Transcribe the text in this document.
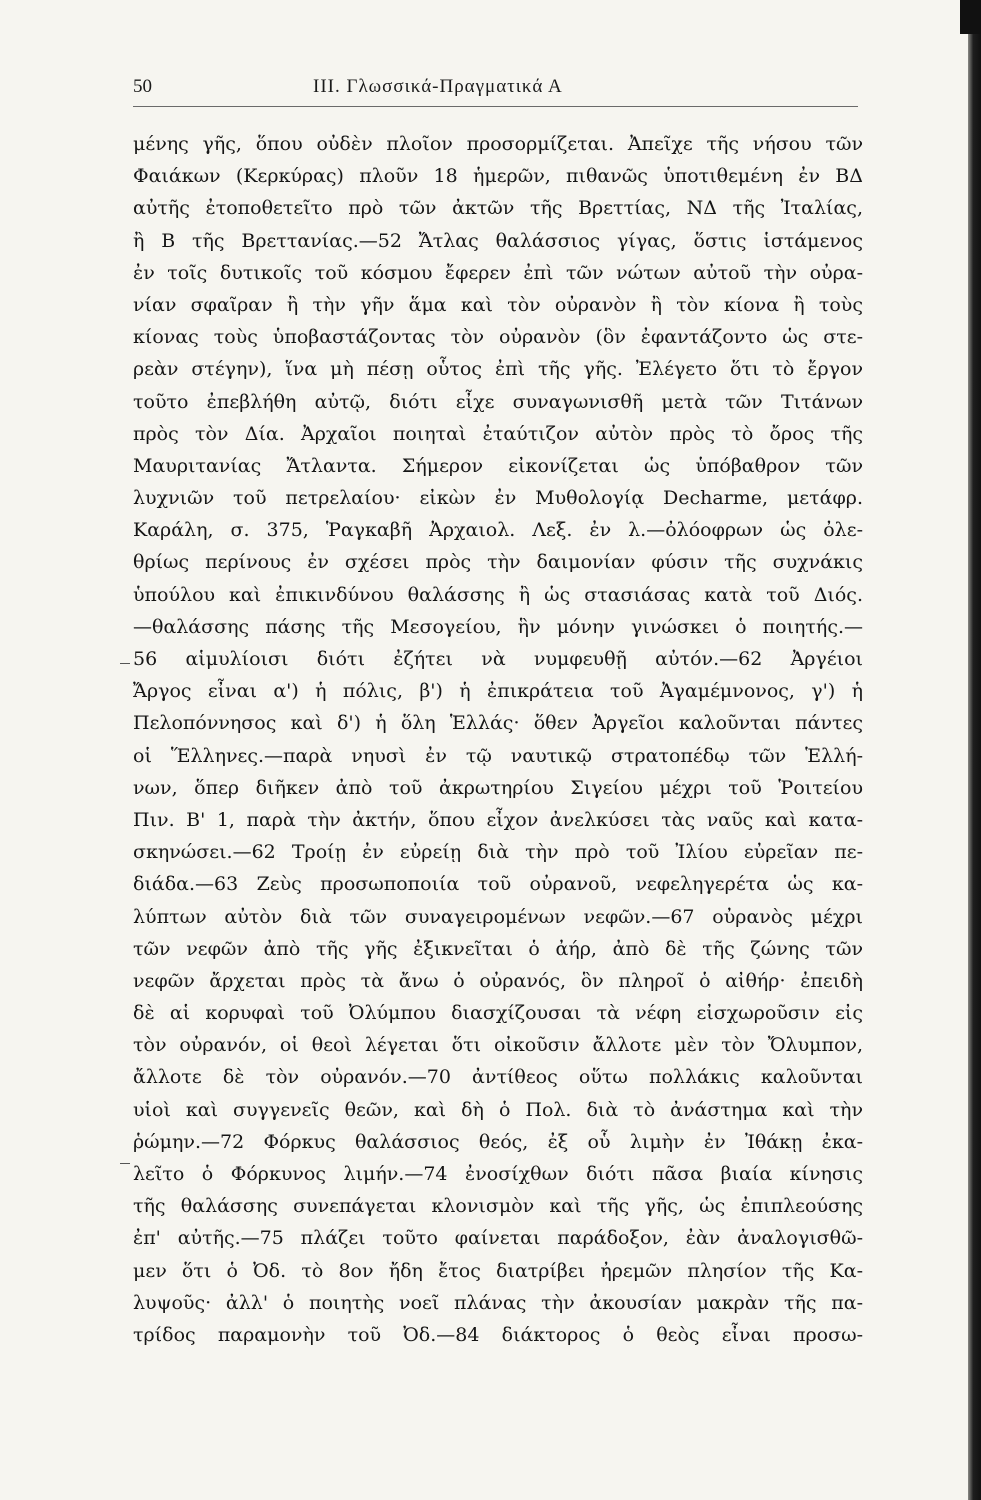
50	ΙΙΙ. Γλωσσικά-Πραγματικά Α
μένης γῆς, ὅπου οὐδὲν πλοῖον προσορμίζεται. Ἀπεῖχε τῆς νήσου τῶν
Φαιάκων (Κερκύρας) πλοῦν 18 ἡμερῶν, πιθανῶς ὑποτιθεμένη ἐν ΒΔ
αὐτῆς ἐτοποθετεῖτο πρὸ τῶν ἀκτῶν τῆς Βρεττίας, ΝΔ τῆς Ἰταλίας,
ἢ Β τῆς Βρεττανίας.—52 Ἄτλας θαλάσσιος γίγας, ὅστις ἱστάμενος
ἐν τοῖς δυτικοῖς τοῦ κόσμου ἔφερεν ἐπὶ τῶν νώτων αὐτοῦ τὴν οὐρα-
νίαν σφαῖραν ἢ τὴν γῆν ἅμα καὶ τὸν οὐρανὸν ἢ τὸν κίονα ἢ τοὺς
κίονας τοὺς ὑποβαστάζοντας τὸν οὐρανὸν (ὃν ἐφαντάζοντο ὡς στε-
ρεὰν στέγην), ἵνα μὴ πέσῃ οὗτος ἐπὶ τῆς γῆς. Ἐλέγετο ὅτι τὸ ἔργον
τοῦτο ἐπεβλήθη αὐτῷ, διότι εἶχε συναγωνισθῆ μετὰ τῶν Τιτάνων
πρὸς τὸν Δία. Ἀρχαῖοι ποιηταὶ ἐταύτιζον αὐτὸν πρὸς τὸ ὄρος τῆς
Μαυριτανίας Ἄτλαντα. Σήμερον εἰκονίζεται ὡς ὑπόβαθρον τῶν
λυχνιῶν τοῦ πετρελαίου· εἰκὼν ἐν Μυθολογίᾳ Decharme, μετάφρ.
Καράλη, σ. 375, Ῥαγκαβῆ Ἀρχαιολ. Λεξ. ἐν λ.—ὀλόοφρων ὡς ὀλε-
θρίως περίνους ἐν σχέσει πρὸς τὴν δαιμονίαν φύσιν τῆς συχνάκις
ὑπούλου καὶ ἐπικινδύνου θαλάσσης ἢ ὡς στασιάσας κατὰ τοῦ Διός.
—θαλάσσης πάσης τῆς Μεσογείου, ἣν μόνην γινώσκει ὁ ποιητής.—
56 αἱμυλίοισι διότι ἐζήτει νὰ νυμφευθῇ αὐτόν.—62 Ἀργέιοι
Ἄργος εἶναι α') ἡ πόλις, β') ἡ ἐπικράτεια τοῦ Ἀγαμέμνονος, γ') ἡ
Πελοπόννησος καὶ δ') ἡ ὅλη Ἑλλάς· ὅθεν Ἀργεῖοι καλοῦνται πάντες
οἱ Ἕλληνες.—παρὰ νηυσὶ ἐν τῷ ναυτικῷ στρατοπέδῳ τῶν Ἑλλή-
νων, ὅπερ διῆκεν ἀπὸ τοῦ ἀκρωτηρίου Σιγείου μέχρι τοῦ Ῥοιτείου
Πιν. Β' 1, παρὰ τὴν ἀκτήν, ὅπου εἶχον ἀνελκύσει τὰς ναῦς καὶ κατα-
σκηνώσει.—62 Τροίῃ ἐν εὐρείῃ διὰ τὴν πρὸ τοῦ Ἰλίου εὐρεῖαν πε-
διάδα.—63 Ζεὺς προσωποποιία τοῦ οὐρανοῦ, νεφεληγερέτα ὡς κα-
λύπτων αὐτὸν διὰ τῶν συναγειρομένων νεφῶν.—67 οὐρανὸς μέχρι
τῶν νεφῶν ἀπὸ τῆς γῆς ἐξικνεῖται ὁ ἀήρ, ἀπὸ δὲ τῆς ζώνης τῶν
νεφῶν ἄρχεται πρὸς τὰ ἄνω ὁ οὐρανός, ὃν πληροῖ ὁ αἰθήρ· ἐπειδὴ
δὲ αἱ κορυφαὶ τοῦ Ὀλύμπου διασχίζουσαι τὰ νέφη εἰσχωροῦσιν εἰς
τὸν οὐρανόν, οἱ θεοὶ λέγεται ὅτι οἰκοῦσιν ἄλλοτε μὲν τὸν Ὄλυμπον,
ἄλλοτε δὲ τὸν οὐρανόν.—70 ἀντίθεος οὕτω πολλάκις καλοῦνται
υἱοὶ καὶ συγγενεῖς θεῶν, καὶ δὴ ὁ Πολ. διὰ τὸ ἀνάστημα καὶ τὴν
ῥώμην.—72 Φόρκυς θαλάσσιος θεός, ἐξ οὗ λιμὴν ἐν Ἰθάκῃ ἐκα-
λεῖτο ὁ Φόρκυνος λιμήν.—74 ἐνοσίχθων διότι πᾶσα βιαία κίνησις
τῆς θαλάσσης συνεπάγεται κλονισμὸν καὶ τῆς γῆς, ὡς ἐπιπλεούσης
ἐπ' αὐτῆς.—75 πλάζει τοῦτο φαίνεται παράδοξον, ἐὰν ἀναλογισθῶ-
μεν ὅτι ὁ Ὀδ. τὸ 8ον ἤδη ἔτος διατρίβει ἠρεμῶν πλησίον τῆς Κα-
λυψοῦς· ἀλλ' ὁ ποιητὴς νοεῖ πλάνας τὴν ἀκουσίαν μακρὰν τῆς πα-
τρίδος παραμονὴν τοῦ Ὀδ.—84 διάκτορος ὁ θεὸς εἶναι προσω-
